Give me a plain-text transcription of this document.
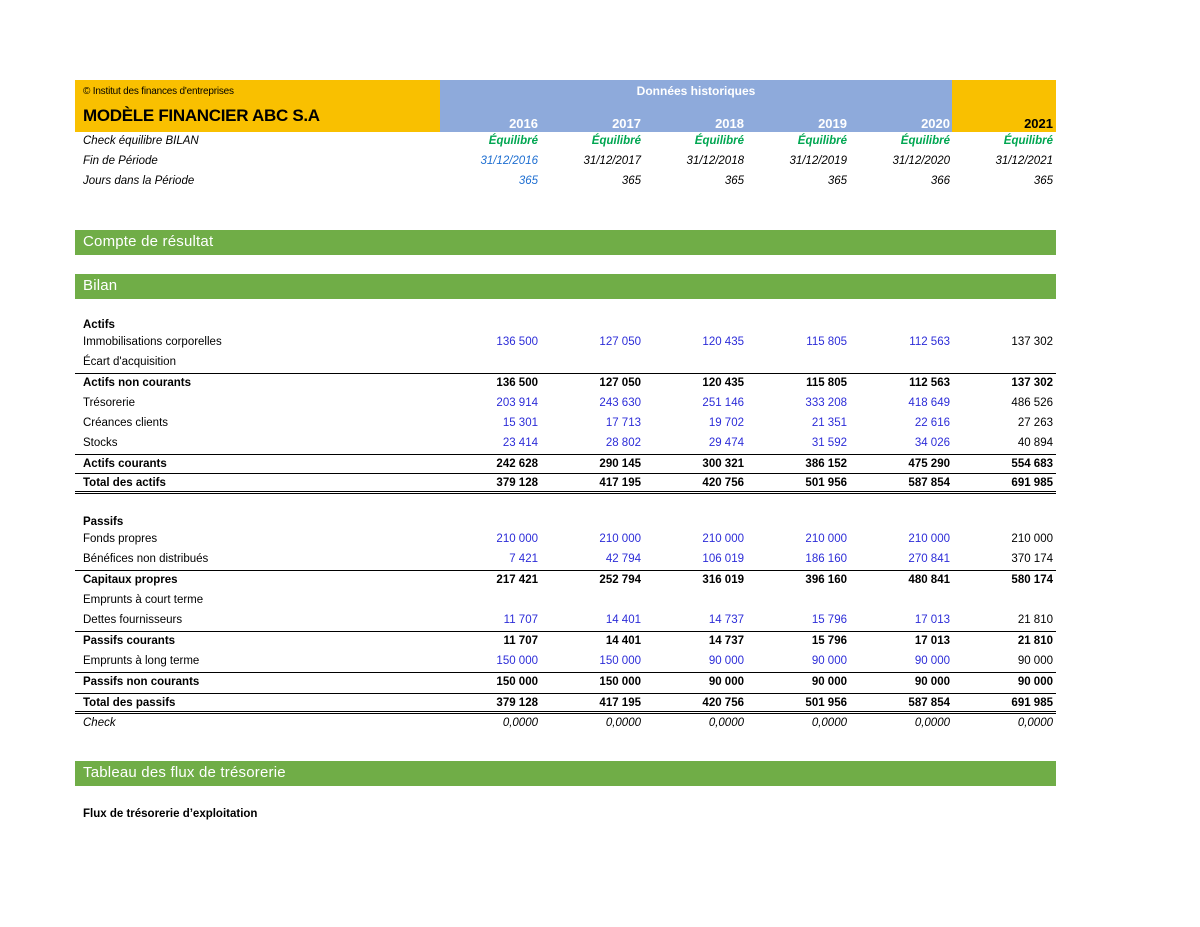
© Institut des finances d'entreprises
MODÈLE FINANCIER ABC S.A
Données historiques
2016	2017	2018	2019	2020	2021
Check équilibre BILAN	Équilibré	Équilibré	Équilibré	Équilibré	Équilibré	Équilibré
Fin de Période	31/12/2016	31/12/2017	31/12/2018	31/12/2019	31/12/2020	31/12/2021
Jours dans la Période	365	365	365	365	366	365
Compte de résultat
Bilan
Actifs
Immobilisations corporelles	136 500	127 050	120 435	115 805	112 563	137 302
Écart d'acquisition
Actifs non courants	136 500	127 050	120 435	115 805	112 563	137 302
Trésorerie	203 914	243 630	251 146	333 208	418 649	486 526
Créances clients	15 301	17 713	19 702	21 351	22 616	27 263
Stocks	23 414	28 802	29 474	31 592	34 026	40 894
Actifs courants	242 628	290 145	300 321	386 152	475 290	554 683
Total des actifs	379 128	417 195	420 756	501 956	587 854	691 985
Passifs
Fonds propres	210 000	210 000	210 000	210 000	210 000	210 000
Bénéfices non distribués	7 421	42 794	106 019	186 160	270 841	370 174
Capitaux propres	217 421	252 794	316 019	396 160	480 841	580 174
Emprunts à court terme
Dettes fournisseurs	11 707	14 401	14 737	15 796	17 013	21 810
Passifs courants	11 707	14 401	14 737	15 796	17 013	21 810
Emprunts à long terme	150 000	150 000	90 000	90 000	90 000	90 000
Passifs non courants	150 000	150 000	90 000	90 000	90 000	90 000
Total des passifs	379 128	417 195	420 756	501 956	587 854	691 985
Check	0,0000	0,0000	0,0000	0,0000	0,0000	0,0000
Tableau des flux de trésorerie
Flux de trésorerie d’exploitation
